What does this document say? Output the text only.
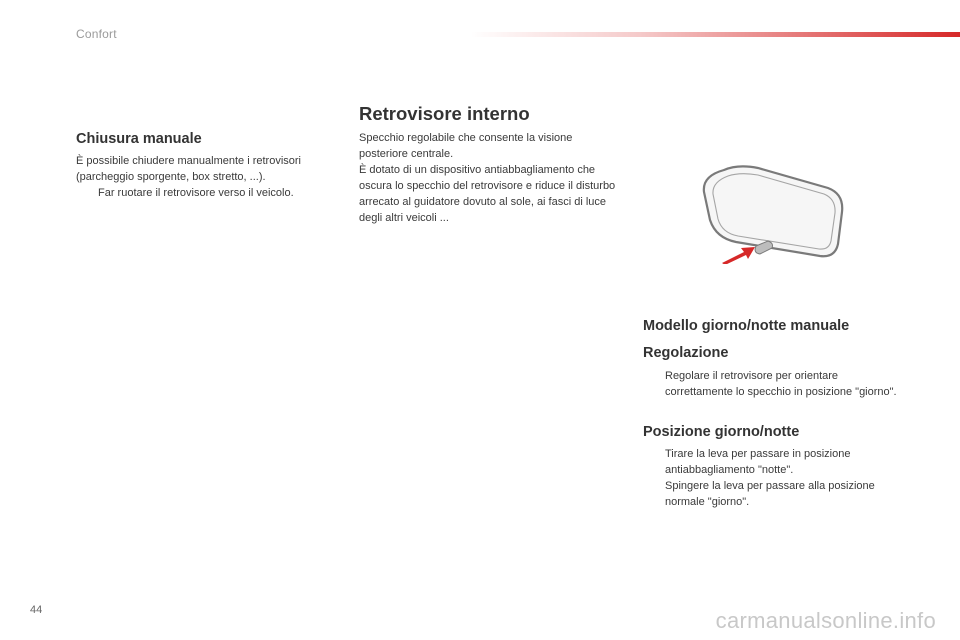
Confort
Chiusura manuale

È possibile chiudere manualmente i retrovisori (parcheggio sporgente, box stretto, ...).

Far ruotare il retrovisore verso il veicolo.
Retrovisore interno

Specchio regolabile che consente la visione posteriore centrale.

È dotato di un dispositivo antiabbagliamento che oscura lo specchio del retrovisore e riduce il disturbo arrecato al guidatore dovuto al sole, ai fasci di luce degli altri veicoli ...

Modello giorno/notte manuale
Regolazione
Regolare il retrovisore per orientare correttamente lo specchio in posizione "giorno".
Posizione giorno/notte
Tirare la leva per passare in posizione antiabbagliamento "notte".
Spingere la leva per passare alla posizione normale "giorno".
44	carmanualsonline.info
